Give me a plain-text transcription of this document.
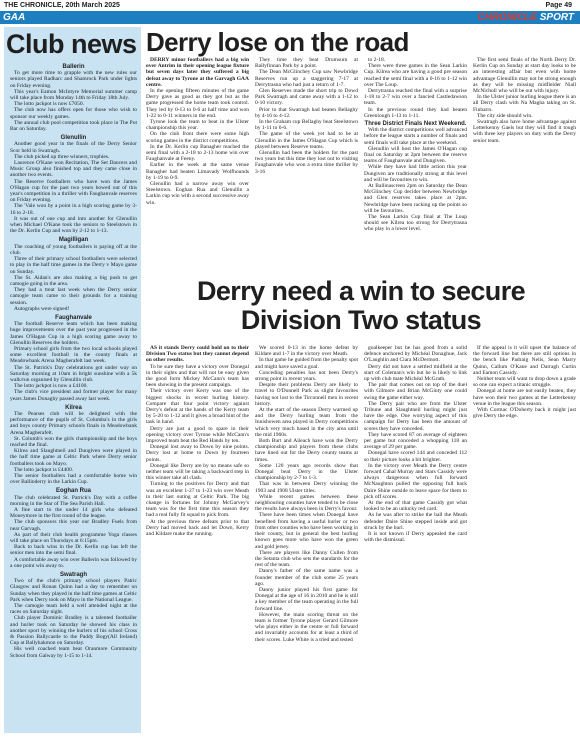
THE CHRONICLE, 20th March 2025	Page 49
GAA	CHRONICLE SPORT
Club news
Ballerin

To get more time to grapple with the new rules our seniors played Radharc and Shamrock Park under lights on Friday evening.

This year's Eamon McIntyre Memorial summer camp will take place from Monday 14th to Friday 18th July.

The lotto jackpot is now £7050.

The club now has offers open for those who wish to sponsor our weekly games.

The annual club pool competition took place in The Pot Bar on Saturday.

Glenullin

Another good year in the finals of the Derry Senior Scor held in Swatragh.

The club picked up three winners, trophies.

Laurence O'Kane won Recitation, The Set Dancers and Music Group also finished top and they came close in another two events.

The Reserve footballers who have won the James O'Hagan cup for the past two years bowed out of this year's competition in a thriller with Faughanvale reserves on Friday evening.

The 'Vale won by a point in a high scoring game by 3-16 to 2-18.

It was out of one cup and into another for Glenullin when Michael O'Kane took the seniors to Steelstown in the Dr. Kerlin Cup and won by 2-12 to 1-13.

Magilligan

The coaching of young footballers is paying off at the club.

Three of their primary school footballers were selected to play in the half time games in the Derry v Mayo game on Sunday.

The St. Aidan's are also making a big push to get camogie going in the area.

They had a treat last week when the Derry senior camogie team came to their grounds for a training session.

Autographs were signed!

Faughanvale

The football Reserve team which has been making huge improvements over the past year progressed in the James O'Hagan Cup in a high scoring game away to Glenullin Reserves the holders.

Primary school girls from the two local schools played some excellent football in the county finals at Meadowbank Arena Magherafelt last week.

The St. Patrick's Day celebrations got under way on Saturday morning at 10am in bright sunshine with a 5k walk/run organised by Glenullin club.

The lotto jackpot is now a £4100.

The club's vice president and former player for many years James Donaghy passed away last week.

Kilrea

The Pearses club will be delighted with the performance of the pupils of St. Columba's in the girls and boys county Primary schools finals in Meadowbank Arena Magherafelt.

St. Columb's won the girls championship and the boys reached the final.

Kilrea and Slaughtneil and Dungiven were played in the half time game at Celtic Park where Derry senior footballers took on Mayo.

The lotto jackpot is £4400.

The senior footballers had a comfortable home win over Ballinderry in the Larkin Cup.

Eoghan Rua

The club celebrated St. Patrick's Day with a coffee morning in the Star of The Sea Parish Hall.

A fine start to the under 14 girls who defeated Moneymore in the first round of the league.

The club sponsors this year our Bradley Fuels from near Garvagh.

As part of their club health programme Yoga classes will take place on Thursdays at 6:15pm.

Back to back wins in the Dr. Kerlin cup has left the senior men into the semi final.

A comfortable away win over Ballerin was followed by a one point win away to.

Swatragh

Two of the club's primary school players Patric Glasgow and Ronan Quinn had a day to remember on Sunday when they played in the half time games at Celtic Park when Derry took on Mayo in the National League.

The camogie team held a well attended night at the races on Saturday night.

Club player Dominic Bradley is a talented footballer and hurler took on Saturday he showed his class in another sport by winning the hurlers of his school Cross & Passion Ballycastle to the Paddy Bogy(All Ireland) Cup at Ballyhakmon on Saturday.

His well coached team beat Oranmore Community School from Galway by 1-15 to 1-14.

Derry lose on the road

DERRY minor footballers had a big win over Antrim in their opening league fixture but seven days later they suffered a big defeat away to Tyrone at the Garvagh GAA centre.

In the opening fifteen minutes of the game Derry gave as good as they got but as the game progressed the home team took control. They led by 0-13 to 0-6 at half time and won 1-22 to 0-11 winners in the end.

Tyrone look the team to beat in the Ulster championship this year.

On the club front there were some high scoring games in the district competitions.

In the Dr. Kerlin cup Banagher reached the semi final with a 2-18 to 2-13 home win over Faughanvale at Feeny.

Earlier in the week at the same venue Banagher had beaten Limavady Wolfhounds by 1-19 to 0-9.

Glenullin had a narrow away win over Steelstown. Eoghan Rua and Glenullin a Larkin cup win with a second successive away win.

They time they beat Drumsurn at Ballyfinnan Park by a point.

The Dean McGlinchey Cup saw Newbridge Reserves run up a staggering 7-17 at Derrytrasna who had just a return of 1-7.

Glen Reserves made the short trip to Dowd Park Swatragh and came away with a 1-12 to 0-10 victory.

Prior to that Swatragh had beaten Bellaghy by 4-16 to 4-12.

In the Graham cup Bellaghy beat Steelstown by 1-11 to 0-6.

The game of the week yet had to be at Glenullin in the James O'Hagan Cup which is played between Reserve teams.

Glenullin had been the holders for the past two years but this time they lost out to visiting Faughanvale who won a extra time thriller by 3-16

to 2-18.

There were three games in the Sean Larkin Cup. Kilrea who are having a good pre season reached the semi final with a 0-16 to 1-12 win over The Loup.

Derrytrasna reached the final with a surprise 1-18 to 2-7 win over a fancied Castledawson team.

In the previous round they had beaten Greenlough 1-13 to 1-11.

Three District Finals Next Weekend.

With the district competitions well advanced before the league starts a number of finals and semi finals will take place at the weekend.

Glenullin will host the James O'Hagan cup final on Saturday at 2pm between the reserve teams of Faughanvale and Dungiven.

While they have had little action this year Dungiven are traditionally strong at this level and will be favourites to win.

At Ballinascreen 2pm on Saturday the Dean McGlinchey Cup decider between Newbridge and Glen reserves takes place at 2pm. Newbridge have been racking up the points so will be favourites.

The Sean Larkin Cup final at The Loup should see Kilrea too strong for Derrytrasna who play in a lower level.

The first semi finals of the North Derry Dr. Kerlin Cup on Sunday at start day looks to be an interesting affair but even with home advantage Glenullin may not be strong enough as they will be missing midfielder Niall McNicholl who will be out with injury.

In the Ulster junior hurling league there is an all Derry clash with Na Magha taking on St. Finbarrs.

The city side should win.

Swatragh also have home advantage against Letterkenny Gaels but they will find it tough with three key players on duty with the Derry senior team.

Derry need a win to secure Division Two status

AS it stands Derry could hold on to their Division Two status but they cannot depend on other results.

To be sure they have a victory over Donegal in their sights and that will not be easy given the good form Mickey McCann's team has been showing in the present campaign.

Their victory over Kerry was one of the biggest shocks in recent hurling history. Compare that four point victory against Derry's defeat at the hands of the Kerry team by 5-20 to 1-12 and it gives a broad hint of the task in hand.

Derry are just a good to spare in their opening victory over Tyrone while McCann's improved team beat the Red Hands by ten.

Donegal lost away to Down by nine points. Derry lost at home to Down by fourteen points.

Donegal like Derry are by no means safe so neither team will be taking a backward step in this winner take all clash.

Turning to the positives for Derry and that was an excellent 1-27 to 1-23 win over Meath in their last outing at Celtic Park. The big change in fortunes for Johnny McGarvey's team was for the first time this season they had a real fully fit squad to pick from.

At the previous three defeats prior to that Derry had moved back and let Down, Kerry and Kildare make the running.

We scored 0-13 in the home defeat by Kildare and 1-7 in the victory over Meath.

In that game he guided from the penalty spot and might have saved a goal.

Conceding penalties has not been Derry's strong point in recent years.

Despite their problems Derry are likely to travel to O'Donnell Park as slight favourites having not lost to the Tirconnell men in recent history.

At the start of the season Derry warmed up and the Derry hurling team from the Innishowen area played in Derry competitions which very much based in the city area until the mid 1960s.

Both Burt and Aileach have won the Derry championship and players from these clubs have lined out for the Derry county teams at times.

Some 120 years ago records show that Donegal beat Derry in the Ulster championship by 2-7 to 1-3.

That was in between Derry winning the 1903 and 1908 Ulster titles.

While recent games between these neighbouring counties have tended to be close the results have always been in Derry's favour.

There have been times when Donegal have benefited from having a useful hurler or two from other counties who have been working in their county, but in general the best hurling known goes more who have won the green and gold jersey.

There are players like Danny Cullen from the Setanta club who sets the standards for the rest of the team.

Danny's father of the same name was a founder member of the club some 25 years ago.

Danny junior played his first game for Donegal at the age of 16 in 2010 and he is still a key member of the team operating in the full forward line.

However, the main scoring threat on the team is former Tyrone player Gerard Gilmore who plays either in the centre or full forward and invariably accounts for at least a third of their scores. Luke White is a tried and tested

goalkeeper but he has good from a solid defence anchored by Michéal Donaghue, Jack O'Laughlin and Ciara McDermott.

Derry did not have a settled midfield at the start of Coleman's win but he is likely to link up with club mate Michéal McGrath.

The pair that comes out on top of the duel with Gilmore and Brian McGinty one could swing the game either way.

The Derry pair who are from the Ulster Tribune and Slaughtneil hurling might just have the edge. One worrying aspect of this campaign for Derry has been the amount of scores they have conceded.

They have scored 87 on average of eighteen per game but conceded a whopping 118 an average of 29 per game.

Donegal have scored 144 and conceded 112 so their picture looks a bit brighter.

In the victory over Meath the Derry centre forward Cahal Murray and Stars Cassidy were always dangerous when full forward McNaughton pulled the opposing full back Daire Shine outside to leave space for them to pick off scores.

At the end of that game Cassidy got what looked to be an unlucky red card.

As he was after to strike the ball the Meath defender Daire Shine stepped inside and got struck by the hurl.

It is not known if Derry appealed the card with the dismissal.

If the appeal is it will upset the balance of the forward line but there are still options in the bench like Padraig Nelis, Sean Marry Quinn, Callum O'Kane and Darragh Curtin and Eamon Cassidy.

Neither team will want to drop down a grade so one can expect a titanic struggle.

Donegal at home are not easily beaten, they have won their two games at the Letterkenny venue in the league this season.

With Cormac O'Doherty back it might just give Derry the edge.
